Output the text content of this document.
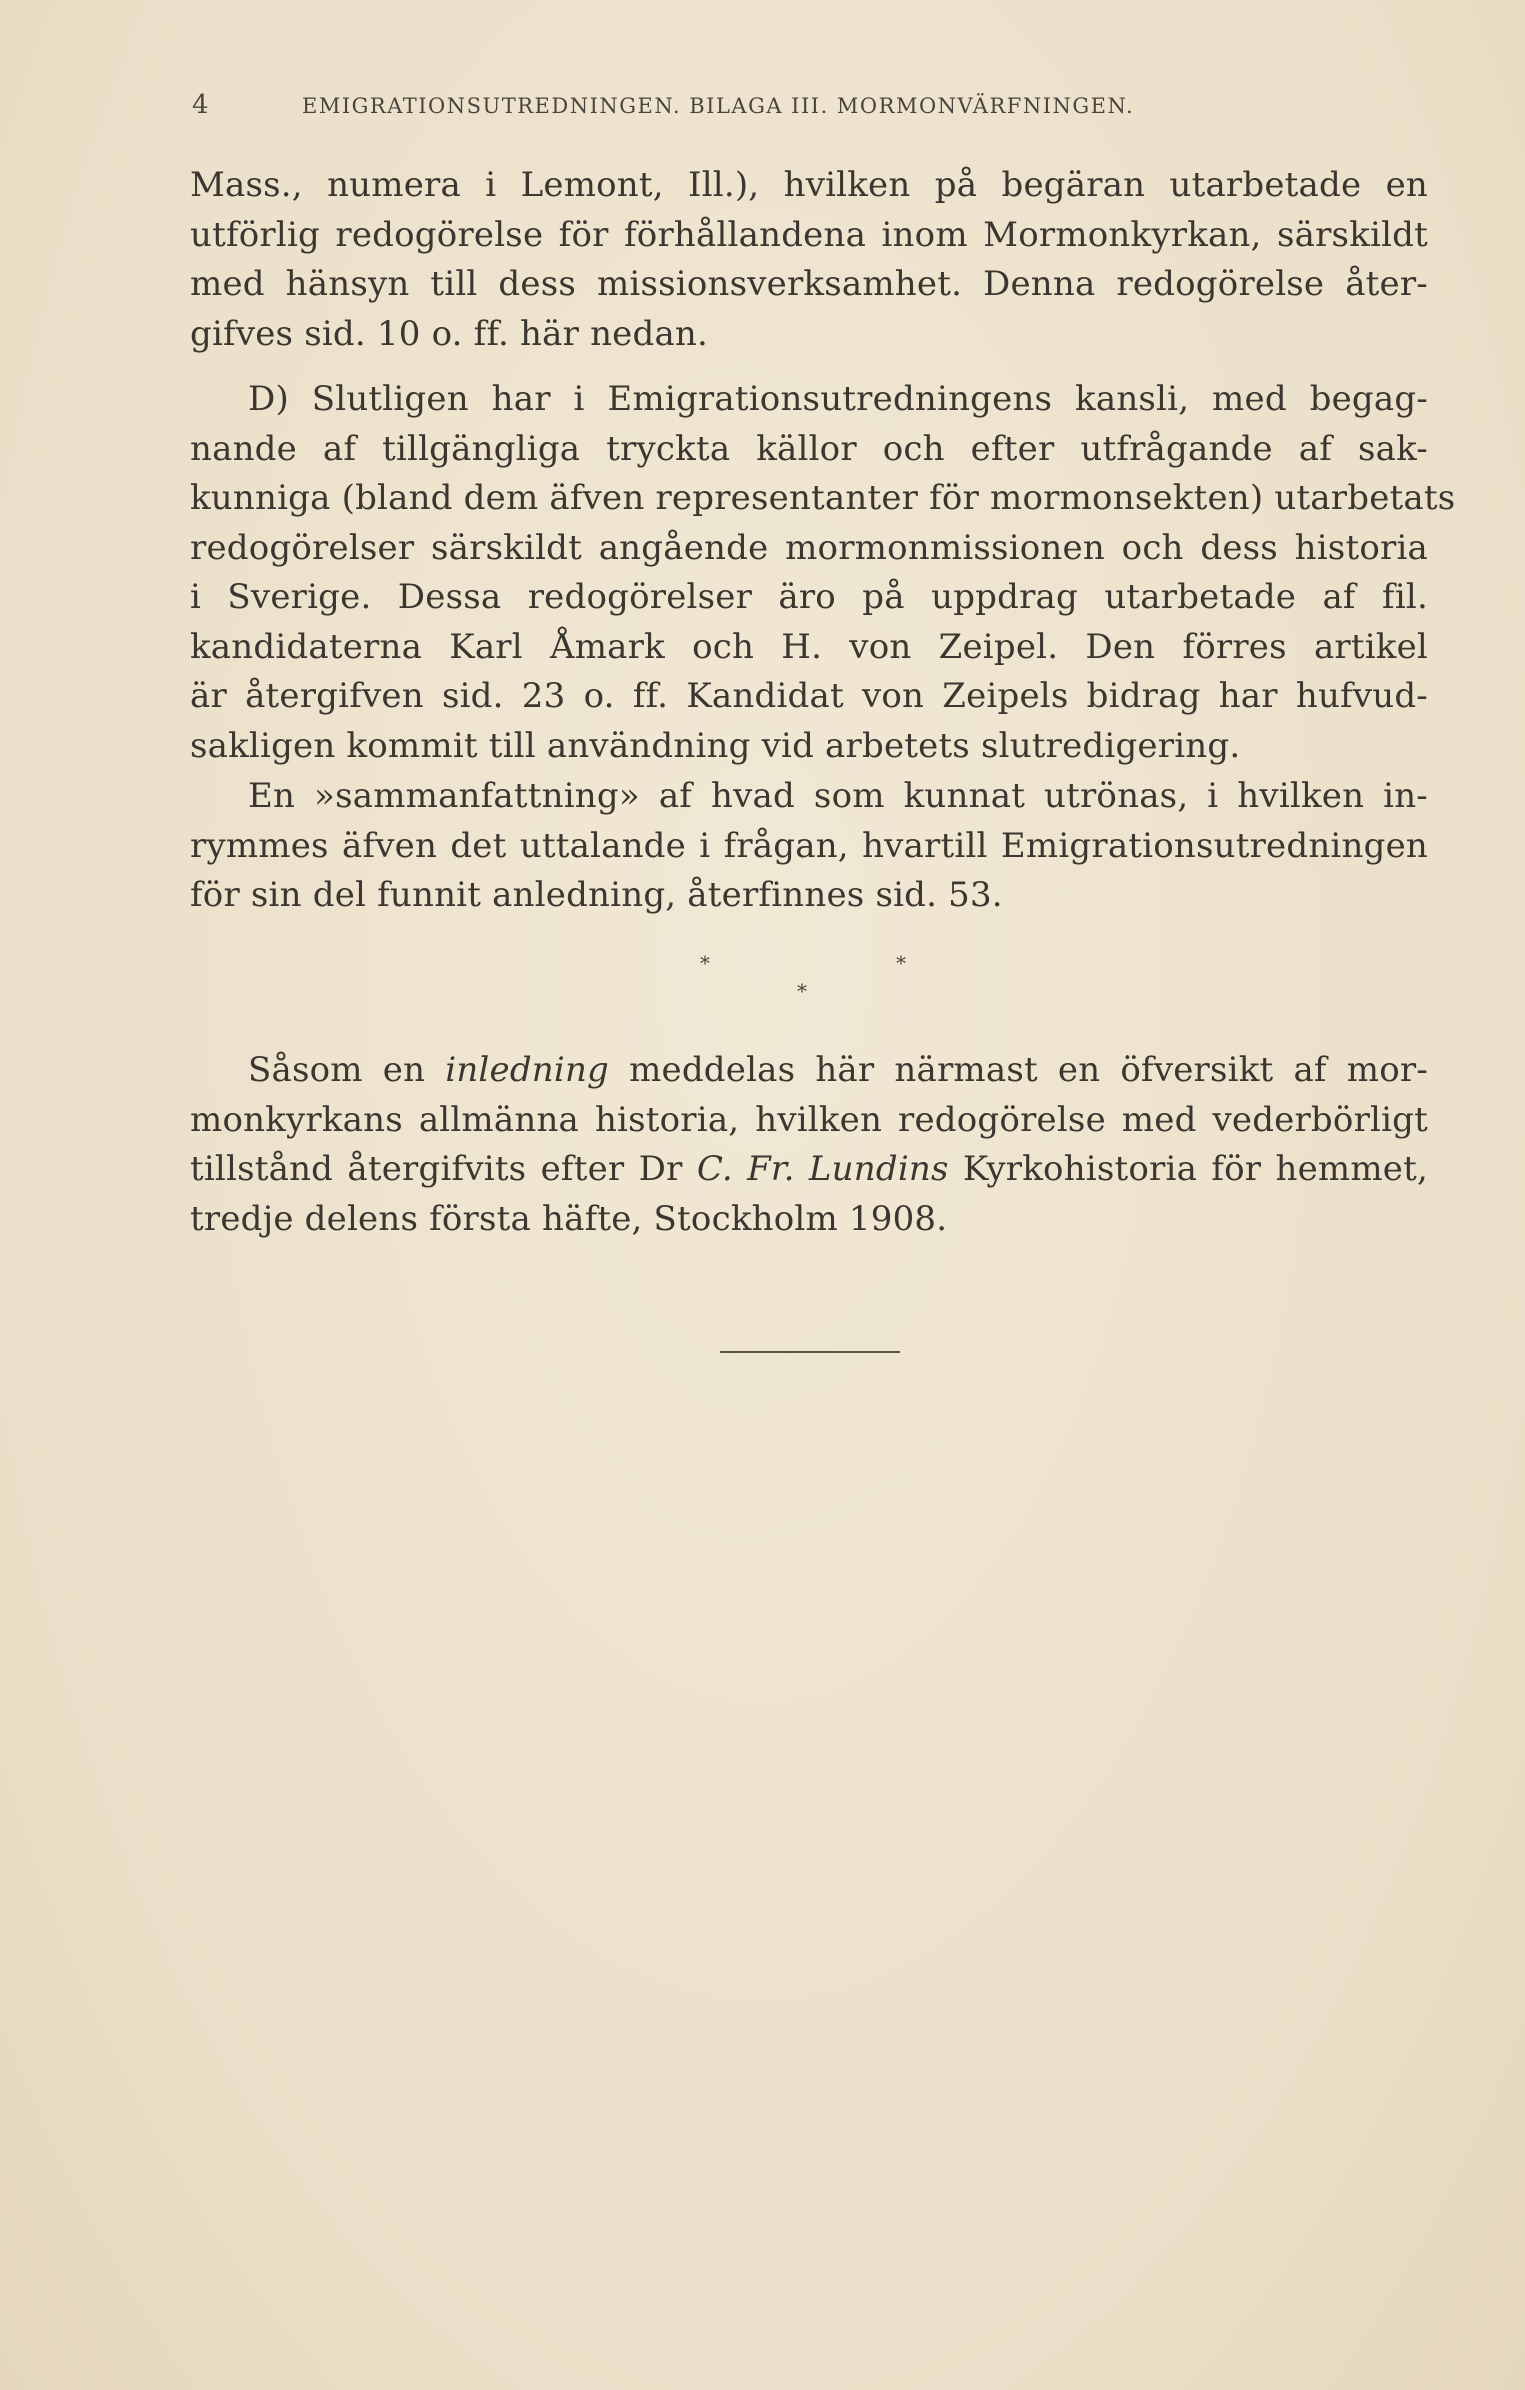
4	EMIGRATIONSUTREDNINGEN. BILAGA III. MORMONVÄRFNINGEN.
Mass., numera i Lemont, Ill.), hvilken på begäran utarbetade en
utförlig redogörelse för förhållandena inom Mormonkyrkan, särskildt
med hänsyn till dess missionsverksamhet. Denna redogörelse åter-
gifves sid. 10 o. ff. här nedan.
D) Slutligen har i Emigrationsutredningens kansli, med begag-
nande af tillgängliga tryckta källor och efter utfrågande af sak-
kunniga (bland dem äfven representanter för mormonsekten) utarbetats
redogörelser särskildt angående mormonmissionen och dess historia
i Sverige. Dessa redogörelser äro på uppdrag utarbetade af fil.
kandidaterna Karl Åmark och H. von Zeipel. Den förres artikel
är återgifven sid. 23 o. ff. Kandidat von Zeipels bidrag har hufvud-
sakligen kommit till användning vid arbetets slutredigering.
En »sammanfattning» af hvad som kunnat utrönas, i hvilken in-
rymmes äfven det uttalande i frågan, hvartill Emigrationsutredningen
för sin del funnit anledning, återfinnes sid. 53.
*	*
*
Såsom en inledning meddelas här närmast en öfversikt af mor-
monkyrkans allmänna historia, hvilken redogörelse med vederbörligt
tillstånd återgifvits efter Dr C. Fr. Lundins Kyrkohistoria för hemmet,
tredje delens första häfte, Stockholm 1908.
